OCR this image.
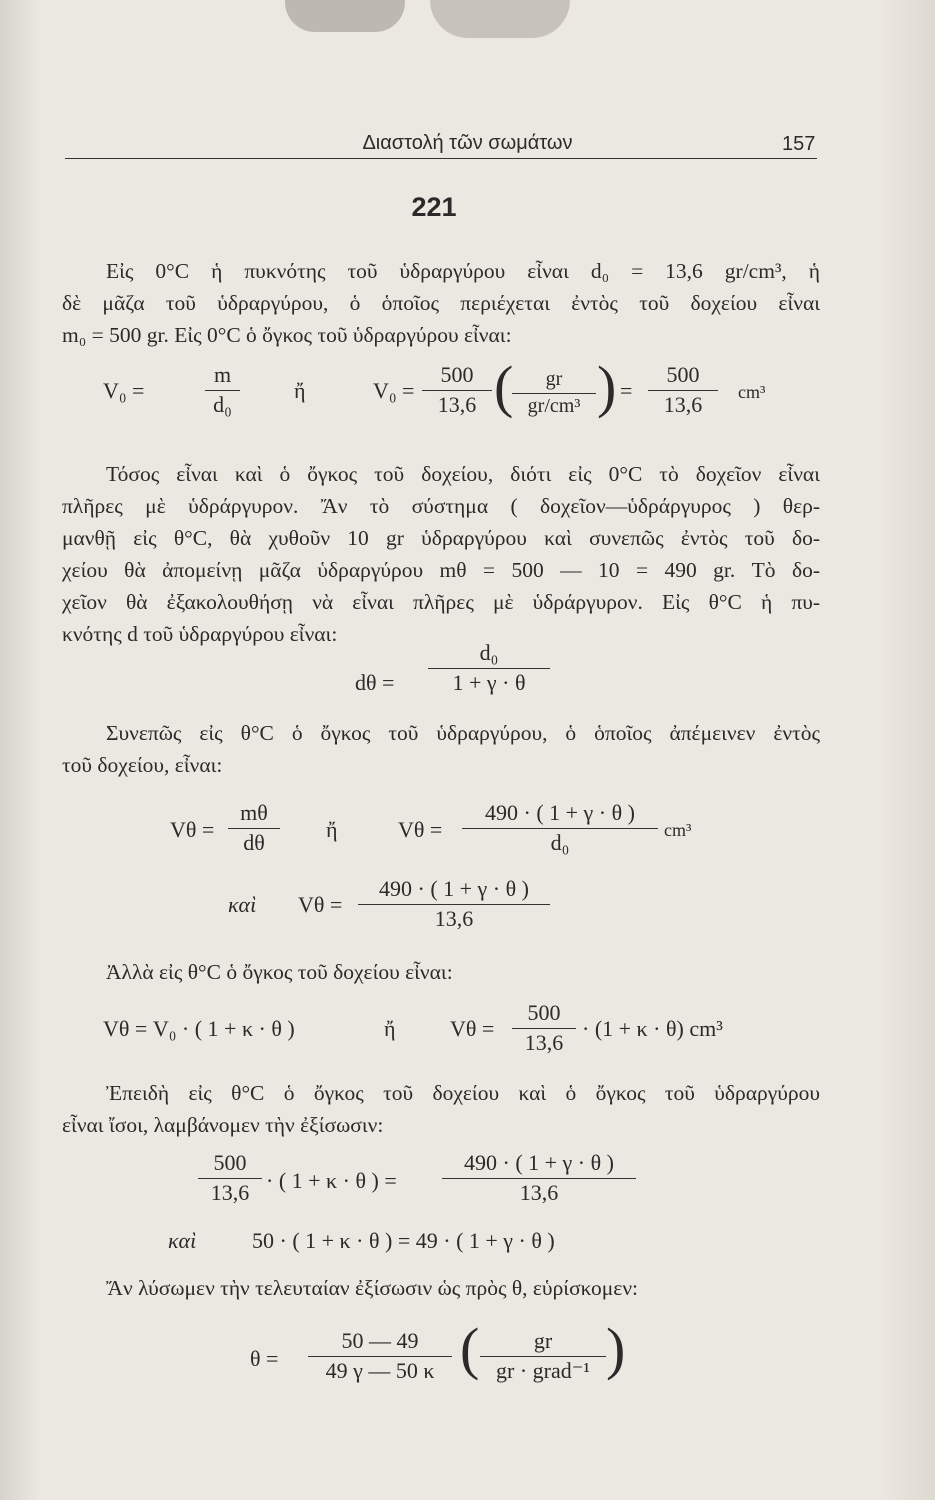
Διαστολή τῶν σωμάτων	157
221
Εἰς 0°C ἡ πυκνότης τοῦ ὑδραργύρου εἶναι d₀ = 13,6 gr/cm³, ἡ
δὲ μᾶζα τοῦ ὑδραργύρου, ὁ ὁποῖος περιέχεται ἐντὸς τοῦ δοχείου εἶναι
m₀ = 500 gr. Εἰς 0°C ὁ ὄγκος τοῦ ὑδραργύρου εἶναι:
V₀ =
m
d₀
ἤ	V₀ =
500
13,6 (	gr
gr/cm³ ) =
500
13,6	cm³
Τόσος εἶναι καὶ ὁ ὄγκος τοῦ δοχείου, διότι εἰς 0°C τὸ δοχεῖον εἶναι
πλῆρες μὲ ὑδράργυρον. Ἄν τὸ σύστημα ( δοχεῖον—ὑδράργυρος ) θερ-
μανθῇ εἰς θ°C, θὰ χυθοῦν 10 gr ὑδραργύρου καὶ συνεπῶς ἐντὸς τοῦ δο-
χείου θὰ ἀπομείνῃ μᾶζα ὑδραργύρου mθ = 500 — 10 = 490 gr. Τὸ δο-
χεῖον θὰ ἐξακολουθήσῃ νὰ εἶναι πλῆρες μὲ ὑδράργυρον. Εἰς θ°C ἡ πυ-
κνότης d τοῦ ὑδραργύρου εἶναι:
dθ =
d₀
1 + γ · θ
Συνεπῶς εἰς θ°C ὁ ὄγκος τοῦ ὑδραργύρου, ὁ ὁποῖος ἀπέμεινεν ἐντὸς
τοῦ δοχείου, εἶναι:
Vθ =
mθ
dθ
ἤ	Vθ =
490 · ( 1 + γ · θ )
d₀	cm³
καὶ Vθ =
490 · ( 1 + γ · θ )
13,6
Ἀλλὰ εἰς θ°C ὁ ὄγκος τοῦ δοχείου εἶναι:
Vθ = V₀ · ( 1 + κ · θ )	ἤ Vθ =
500
13,6
· (1 + κ · θ) cm³
Ἐπειδὴ εἰς θ°C ὁ ὄγκος τοῦ δοχείου καὶ ὁ ὄγκος τοῦ ὑδραργύρου
εἶναι ἴσοι, λαμβάνομεν τὴν ἐξίσωσιν:
500
13,6 · ( 1 + κ · θ ) =
490 · ( 1 + γ · θ )
13,6
καὶ	50 · ( 1 + κ · θ ) = 49 · ( 1 + γ · θ )
Ἄν λύσωμεν τὴν τελευταίαν ἐξίσωσιν ὡς πρὸς θ, εὑρίσκομεν:
θ =
50 — 49
49 γ — 50 κ (	gr
gr · grad⁻¹ )
